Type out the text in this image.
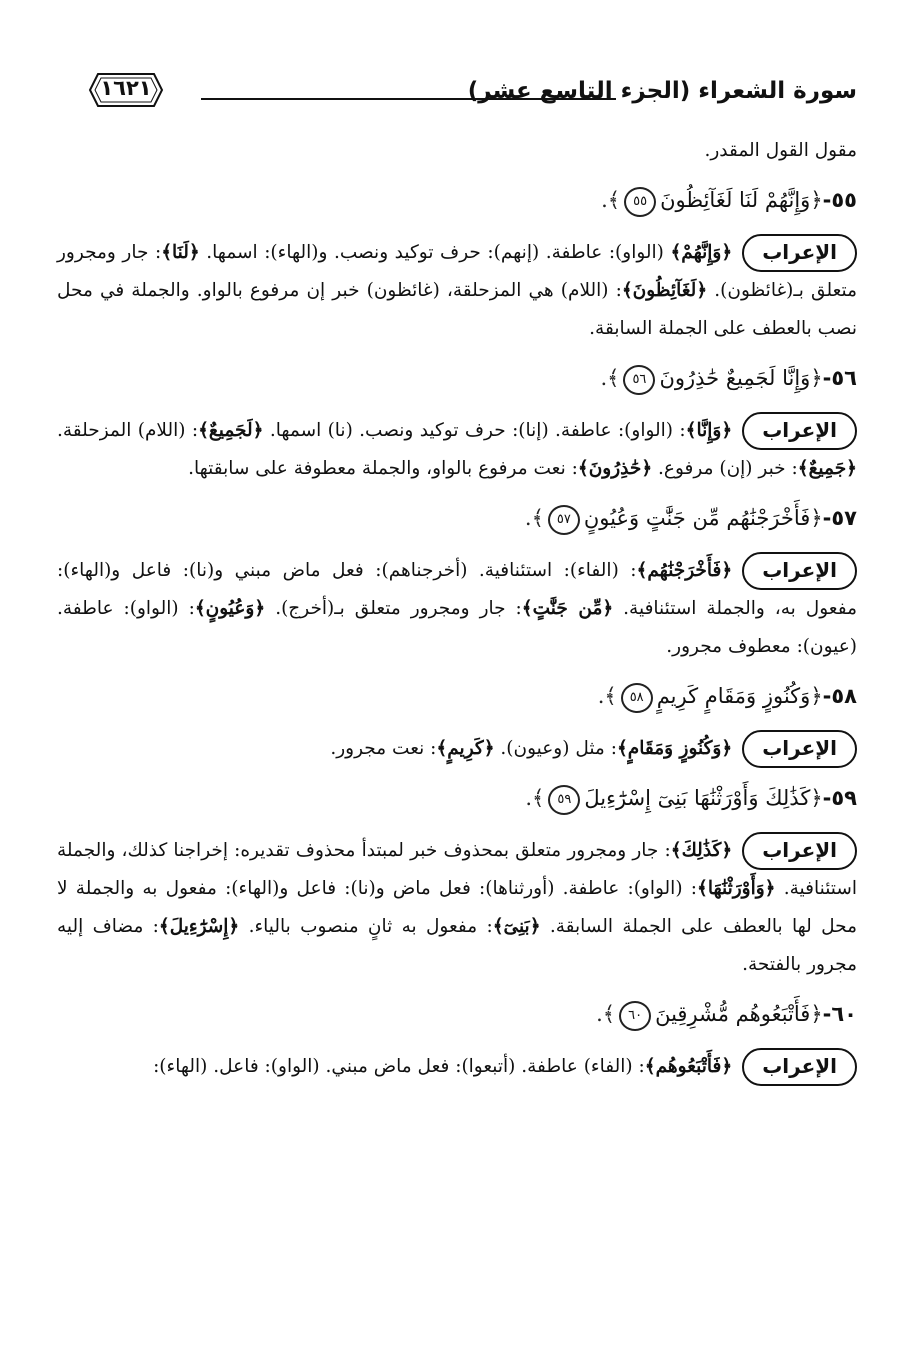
سورة الشعراء (الجزء التاسع عشر)
١٦٢١

مقول القول المقدر.

٥٥-﴿وَإِنَّهُمْ لَنَا لَغَآئِظُونَ٥٥﴾.

الإعراب﴿وَإِنَّهُمْ﴾ (الواو): عاطفة. (إنهم): حرف توكيد ونصب. و(الهاء): اسمها. ﴿لَنَا﴾: جار ومجرور متعلق بـ(غائظون). ﴿لَغَآئِظُونَ﴾: (اللام) هي المزحلقة، (غائظون) خبر إن مرفوع بالواو. والجملة في محل نصب بالعطف على الجملة السابقة.

٥٦-﴿وَإِنَّا لَجَمِيعٌ حَٰذِرُونَ٥٦﴾.

الإعراب﴿وَإِنَّا﴾: (الواو): عاطفة. (إنا): حرف توكيد ونصب. (نا) اسمها. ﴿لَجَمِيعٌ﴾: (اللام) المزحلقة. ﴿جَمِيعٌ﴾: خبر (إن) مرفوع. ﴿حَٰذِرُونَ﴾: نعت مرفوع بالواو، والجملة معطوفة على سابقتها.

٥٧-﴿فَأَخْرَجْنَٰهُم مِّن جَنَّٰتٍ وَعُيُونٍ٥٧﴾.

الإعراب﴿فَأَخْرَجْنَٰهُم﴾: (الفاء): استئنافية. (أخرجناهم): فعل ماض مبني و(نا): فاعل و(الهاء): مفعول به، والجملة استئنافية. ﴿مِّن جَنَّٰتٍ﴾: جار ومجرور متعلق بـ(أخرج). ﴿وَعُيُونٍ﴾: (الواو): عاطفة. (عيون): معطوف مجرور.

٥٨-﴿وَكُنُوزٍ وَمَقَامٍ كَرِيمٍ٥٨﴾.

الإعراب﴿وَكُنُوزٍ وَمَقَامٍ﴾: مثل (وعيون). ﴿كَرِيمٍ﴾: نعت مجرور.

٥٩-﴿كَذَٰلِكَ وَأَوْرَثْنَٰهَا بَنِىٓ إِسْرَٰٓءِيلَ٥٩﴾.

الإعراب﴿كَذَٰلِكَ﴾: جار ومجرور متعلق بمحذوف خبر لمبتدأ محذوف تقديره: إخراجنا كذلك، والجملة استئنافية. ﴿وَأَوْرَثْنَٰهَا﴾: (الواو): عاطفة. (أورثناها): فعل ماض و(نا): فاعل و(الهاء): مفعول به والجملة لا محل لها بالعطف على الجملة السابقة. ﴿بَنِىٓ﴾: مفعول به ثانٍ منصوب بالياء. ﴿إِسْرَٰٓءِيلَ﴾: مضاف إليه مجرور بالفتحة.

٦٠-﴿فَأَتْبَعُوهُم مُّشْرِقِينَ٦٠﴾.

الإعراب﴿فَأَتْبَعُوهُم﴾: (الفاء) عاطفة. (أتبعوا): فعل ماض مبني. (الواو): فاعل. (الهاء):
